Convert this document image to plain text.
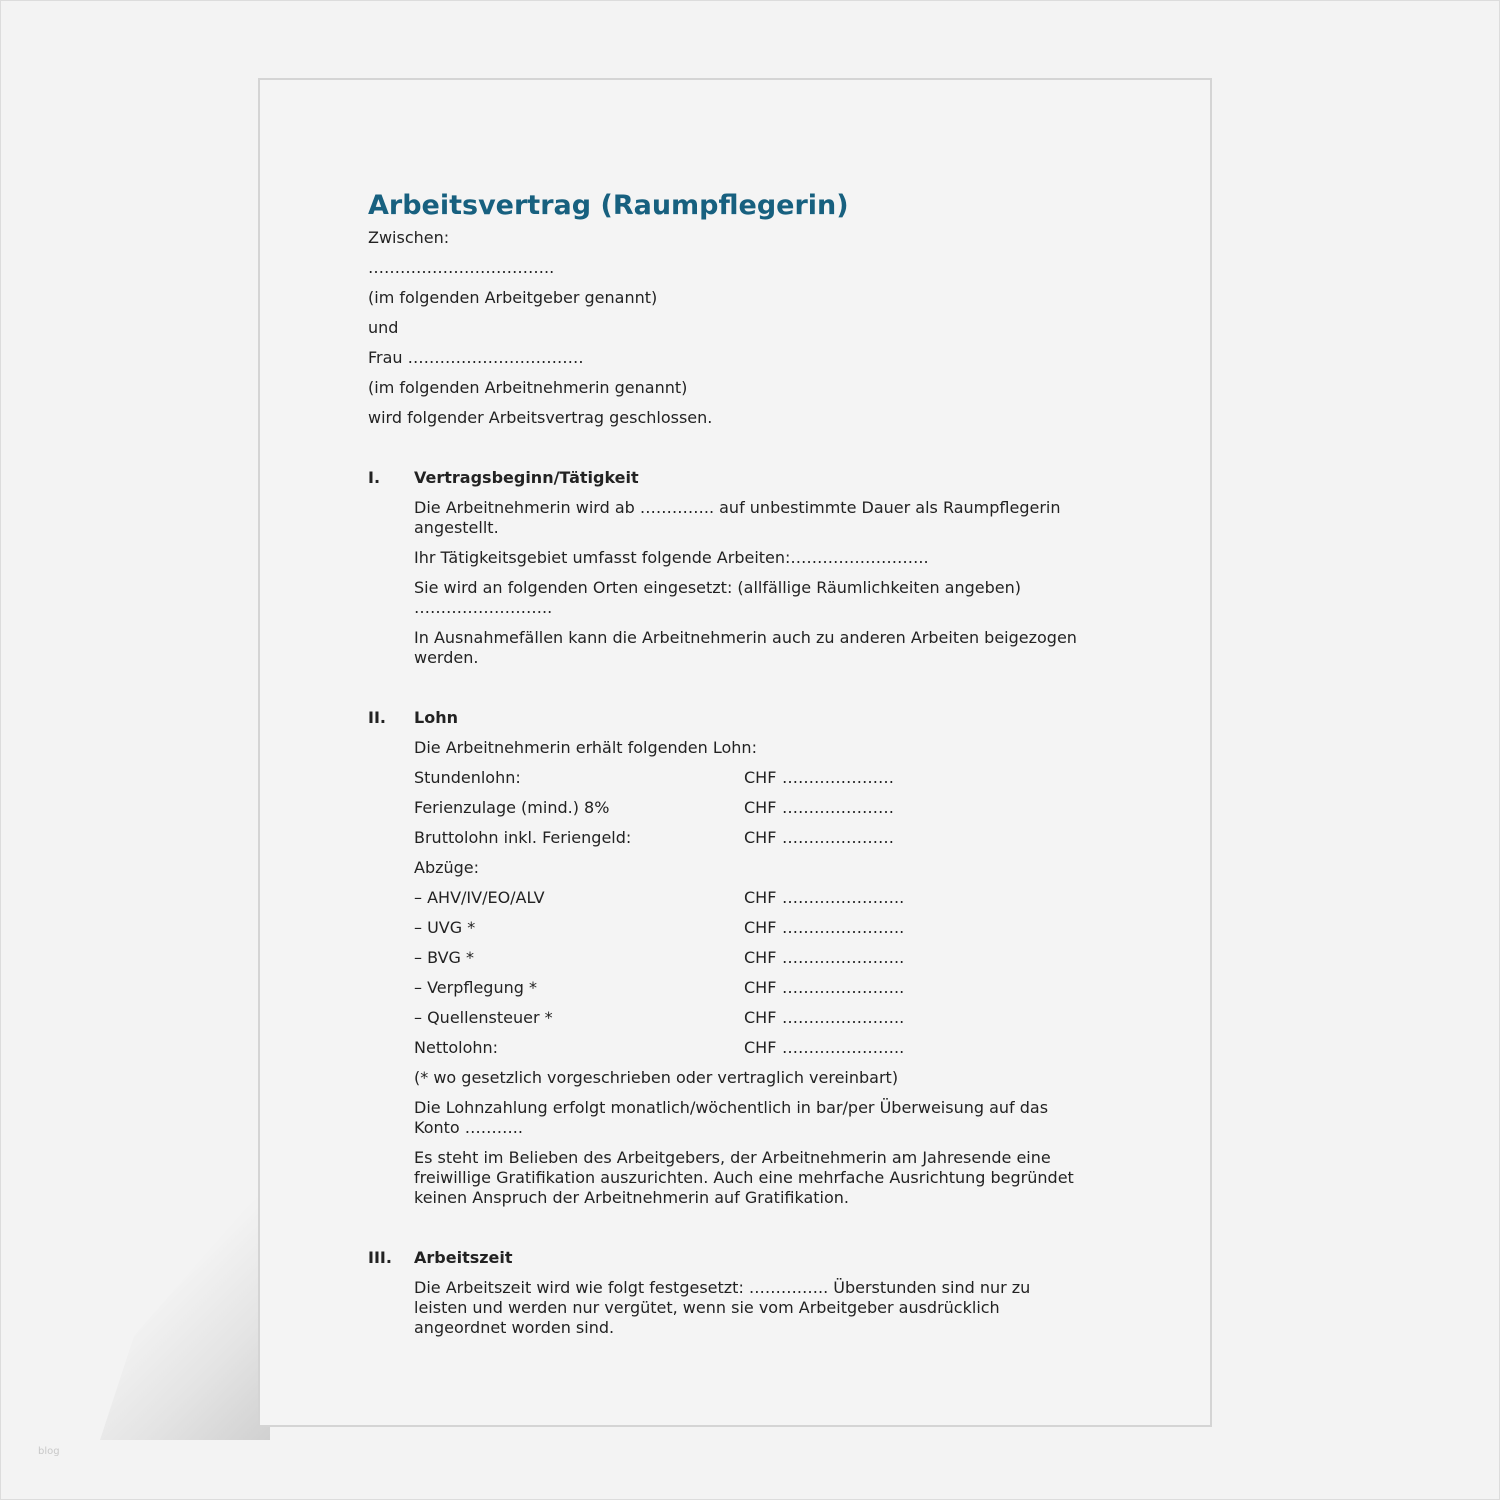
Arbeitsvertrag (Raumpflegerin)

Zwischen:

……………………………..

(im folgenden Arbeitgeber genannt)

und

Frau ……………………………

(im folgenden Arbeitnehmerin genannt)

wird folgender Arbeitsvertrag geschlossen.

I.	Vertragsbeginn/Tätigkeit

Die Arbeitnehmerin wird ab ………….. auf unbestimmte Dauer als Raumpflegerin
angestellt.

Ihr Tätigkeitsgebiet umfasst folgende Arbeiten:……………………..

Sie wird an folgenden Orten eingesetzt: (allfällige Räumlichkeiten angeben)
……………………..

In Ausnahmefällen kann die Arbeitnehmerin auch zu anderen Arbeiten beigezogen
werden.

II.	Lohn

Die Arbeitnehmerin erhält folgenden Lohn:

Stundenlohn:	CHF …………………
Ferienzulage (mind.) 8%	CHF …………………
Bruttolohn inkl. Feriengeld:	CHF …………………
Abzüge:
– AHV/IV/EO/ALV	CHF …………………..
– UVG *	CHF …………………..
– BVG *	CHF …………………..
– Verpflegung *	CHF …………………..
– Quellensteuer *	CHF …………………..
Nettolohn:	CHF …………………..

(* wo gesetzlich vorgeschrieben oder vertraglich vereinbart)

Die Lohnzahlung erfolgt monatlich/wöchentlich in bar/per Überweisung auf das
Konto ………..

Es steht im Belieben des Arbeitgebers, der Arbeitnehmerin am Jahresende eine
freiwillige Gratifikation auszurichten. Auch eine mehrfache Ausrichtung begründet
keinen Anspruch der Arbeitnehmerin auf Gratifikation.

III.	Arbeitszeit

Die Arbeitszeit wird wie folgt festgesetzt: ……….….. Überstunden sind nur zu
leisten und werden nur vergütet, wenn sie vom Arbeitgeber ausdrücklich
angeordnet worden sind.

blog
